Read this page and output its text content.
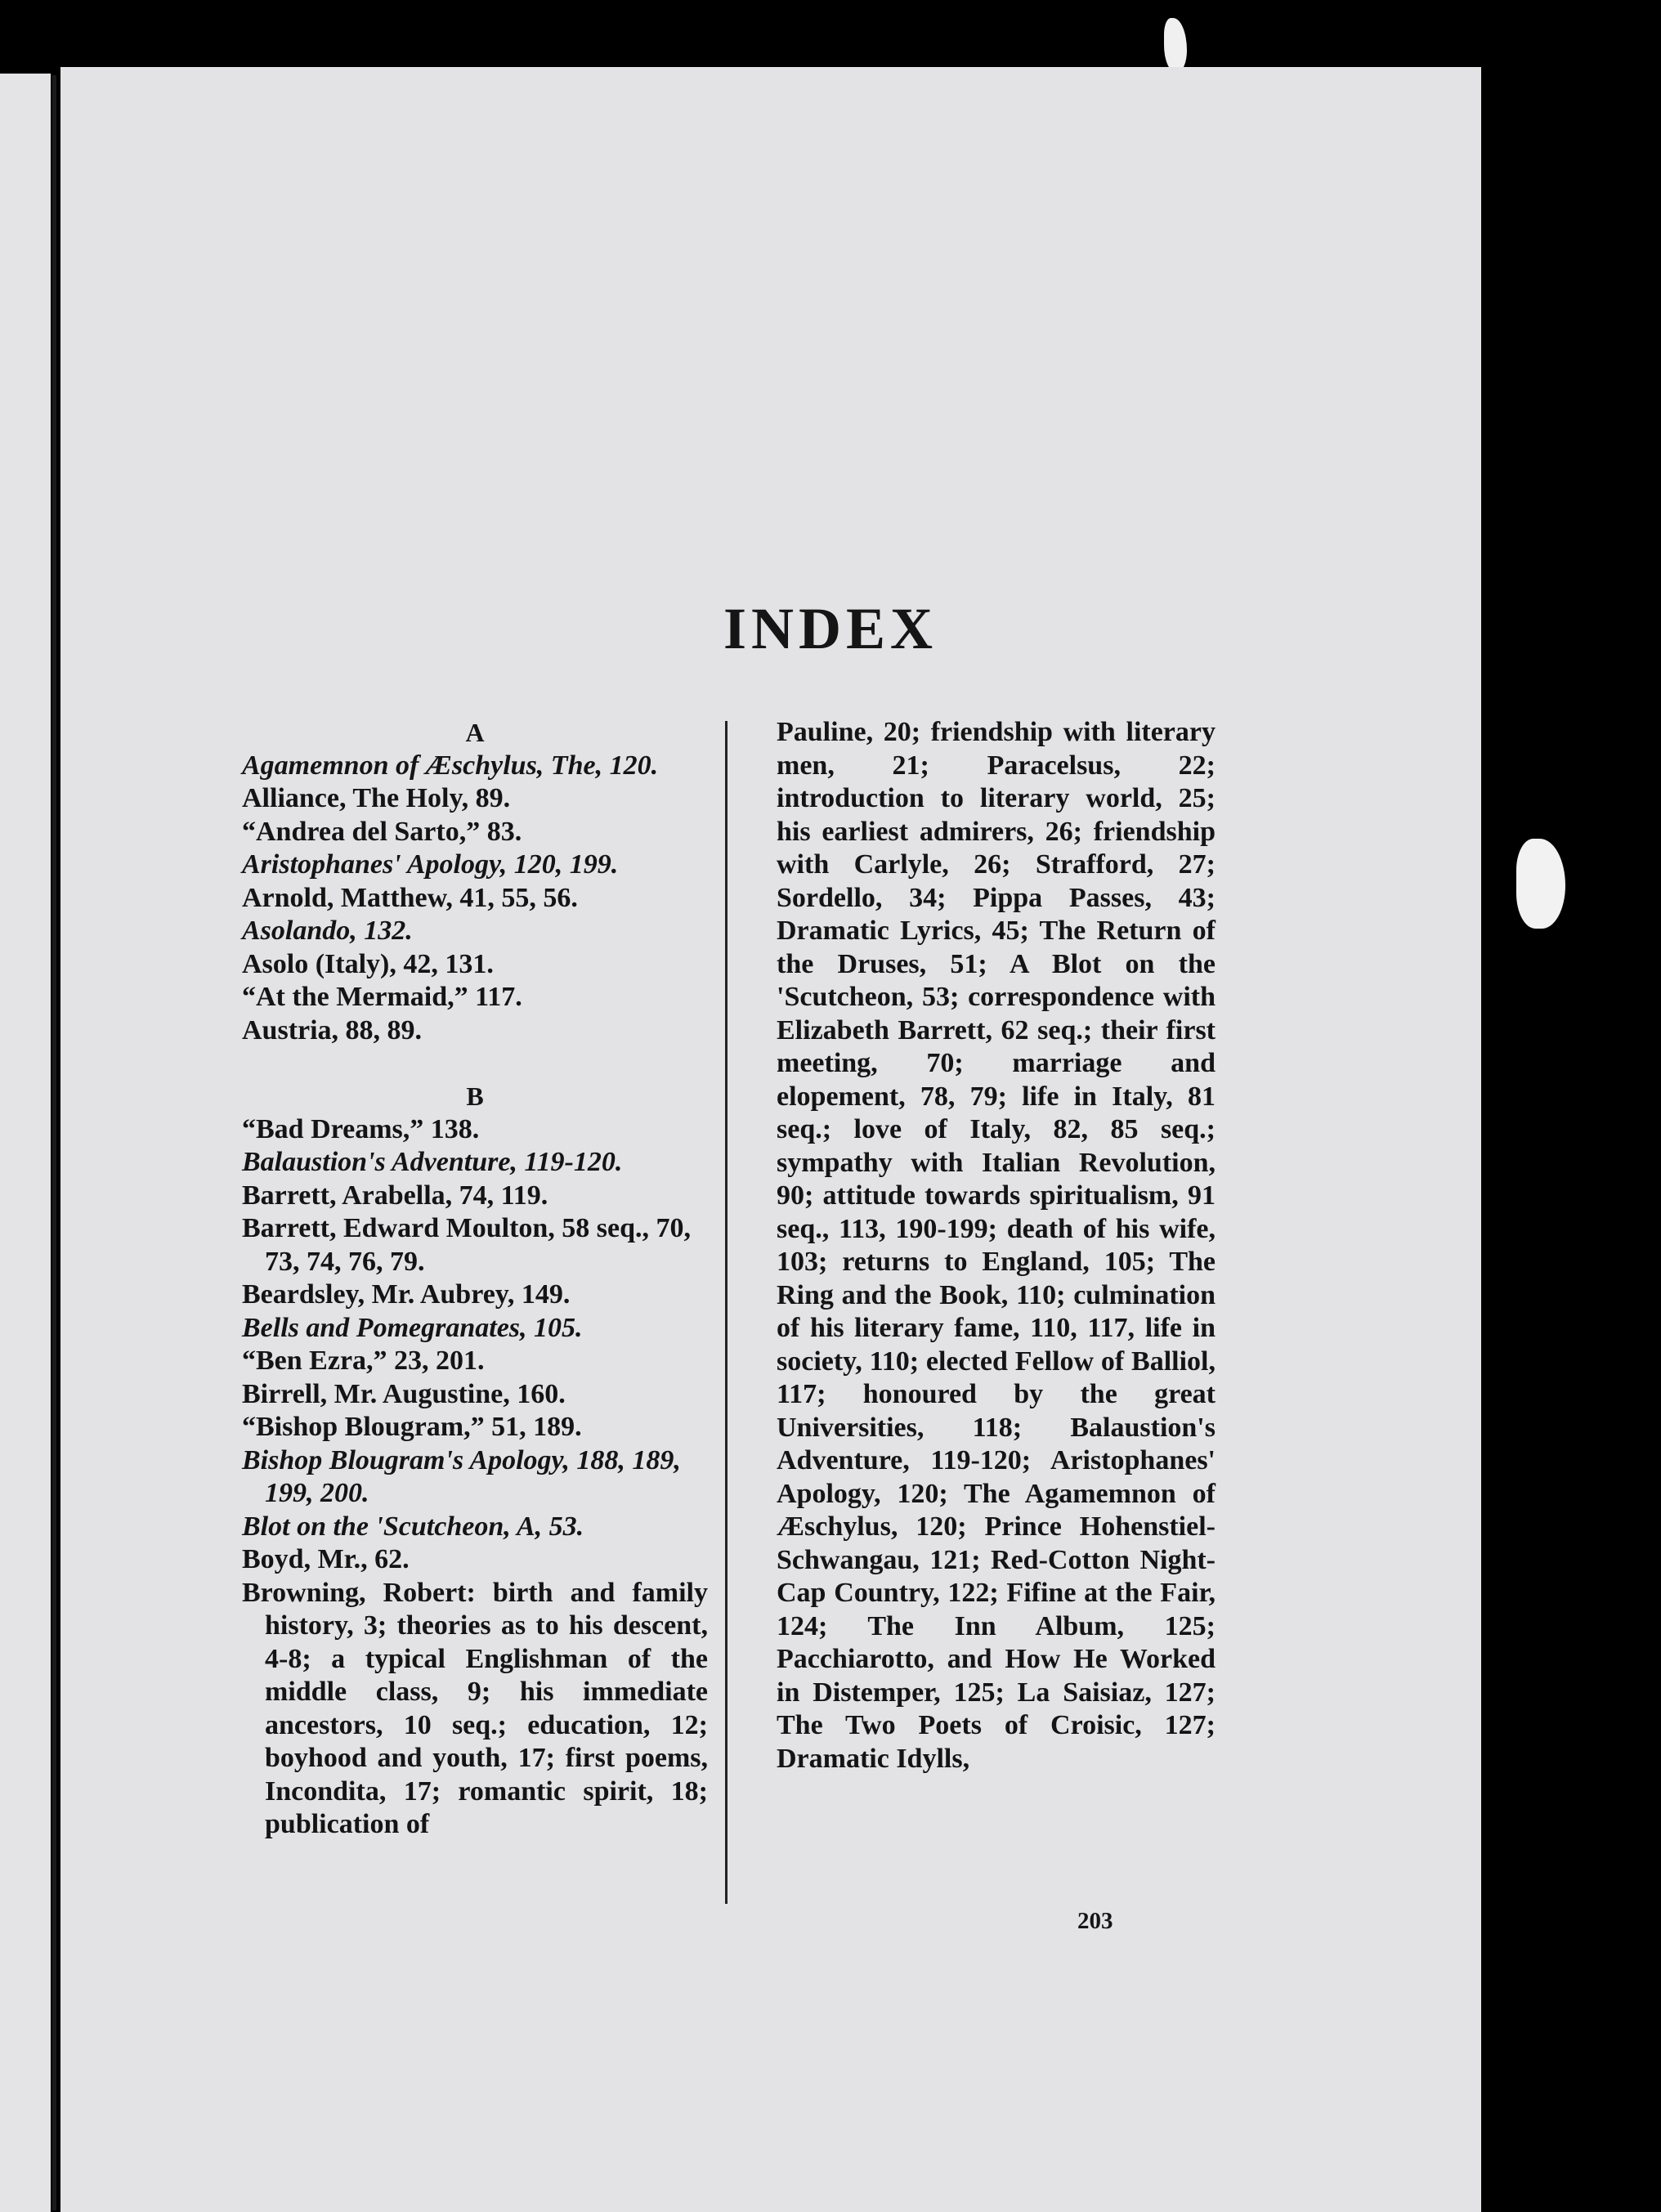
INDEX
A
Agamemnon of Æschylus, The, 120.
Alliance, The Holy, 89.
“Andrea del Sarto,” 83.
Aristophanes' Apology, 120, 199.
Arnold, Matthew, 41, 55, 56.
Asolando, 132.
Asolo (Italy), 42, 131.
“At the Mermaid,” 117.
Austria, 88, 89.
B
“Bad Dreams,” 138.
Balaustion's Adventure, 119-120.
Barrett, Arabella, 74, 119.
Barrett, Edward Moulton, 58 seq., 70, 73, 74, 76, 79.
Beardsley, Mr. Aubrey, 149.
Bells and Pomegranates, 105.
“Ben Ezra,” 23, 201.
Birrell, Mr. Augustine, 160.
“Bishop Blougram,” 51, 189.
Bishop Blougram's Apology, 188, 189, 199, 200.
Blot on the 'Scutcheon, A, 53.
Boyd, Mr., 62.
Browning, Robert: birth and family history, 3; theories as to his descent, 4-8; a typical Englishman of the middle class, 9; his immediate ancestors, 10 seq.; education, 12; boyhood and youth, 17; first poems, Incondita, 17; romantic spirit, 18; publication of
Pauline, 20; friendship with literary men, 21; Paracelsus, 22; introduction to literary world, 25; his earliest admirers, 26; friendship with Carlyle, 26; Strafford, 27; Sordello, 34; Pippa Passes, 43; Dramatic Lyrics, 45; The Return of the Druses, 51; A Blot on the 'Scutcheon, 53; correspondence with Elizabeth Barrett, 62 seq.; their first meeting, 70; marriage and elopement, 78, 79; life in Italy, 81 seq.; love of Italy, 82, 85 seq.; sympathy with Italian Revolution, 90; attitude towards spiritualism, 91 seq., 113, 190-199; death of his wife, 103; returns to England, 105; The Ring and the Book, 110; culmination of his literary fame, 110, 117, life in society, 110; elected Fellow of Balliol, 117; honoured by the great Universities, 118; Balaustion's Adventure, 119-120; Aristophanes' Apology, 120; The Agamemnon of Æschylus, 120; Prince Hohenstiel-Schwangau, 121; Red-Cotton Night-Cap Country, 122; Fifine at the Fair, 124; The Inn Album, 125; Pacchiarotto, and How He Worked in Distemper, 125; La Saisiaz, 127; The Two Poets of Croisic, 127; Dramatic Idylls,
203
